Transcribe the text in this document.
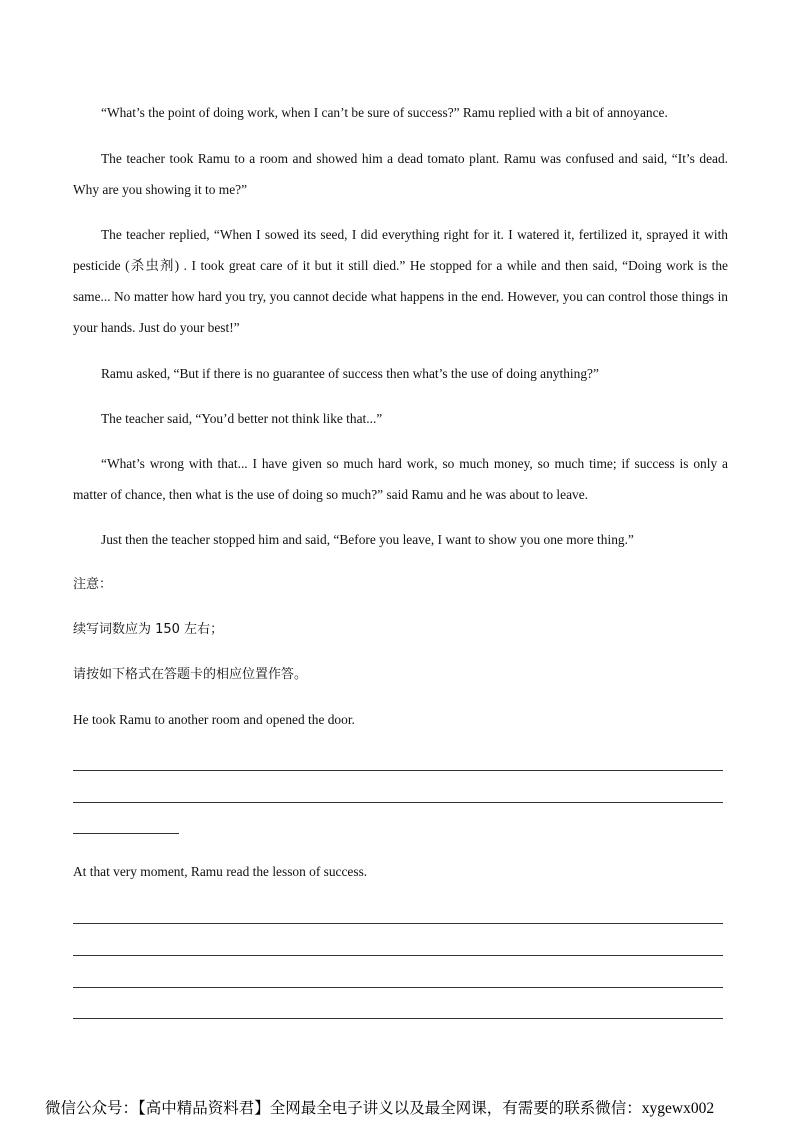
“What’s the point of doing work, when I can’t be sure of success?” Ramu replied with a bit of annoyance.

The teacher took Ramu to a room and showed him a dead tomato plant. Ramu was confused and said, “It’s dead. Why are you showing it to me?”

The teacher replied, “When I sowed its seed, I did everything right for it. I watered it, fertilized it, sprayed it with pesticide (杀虫剂) . I took great care of it but it still died.” He stopped for a while and then said, “Doing work is the same... No matter how hard you try, you cannot decide what happens in the end. However, you can control those things in your hands. Just do your best!”

Ramu asked, “But if there is no guarantee of success then what’s the use of doing anything?”

The teacher said, “You’d better not think like that...”

“What’s wrong with that... I have given so much hard work, so much money, so much time; if success is only a matter of chance, then what is the use of doing so much?” said Ramu and he was about to leave.

Just then the teacher stopped him and said, “Before you leave, I want to show you one more thing.”

注意：

续写词数应为 150 左右；

请按如下格式在答题卡的相应位置作答。

He took Ramu to another room and opened the door.

At that very moment, Ramu read the lesson of success.

微信公众号：【高中精品资料君】全网最全电子讲义以及最全网课，有需要的联系微信：xygewx002
